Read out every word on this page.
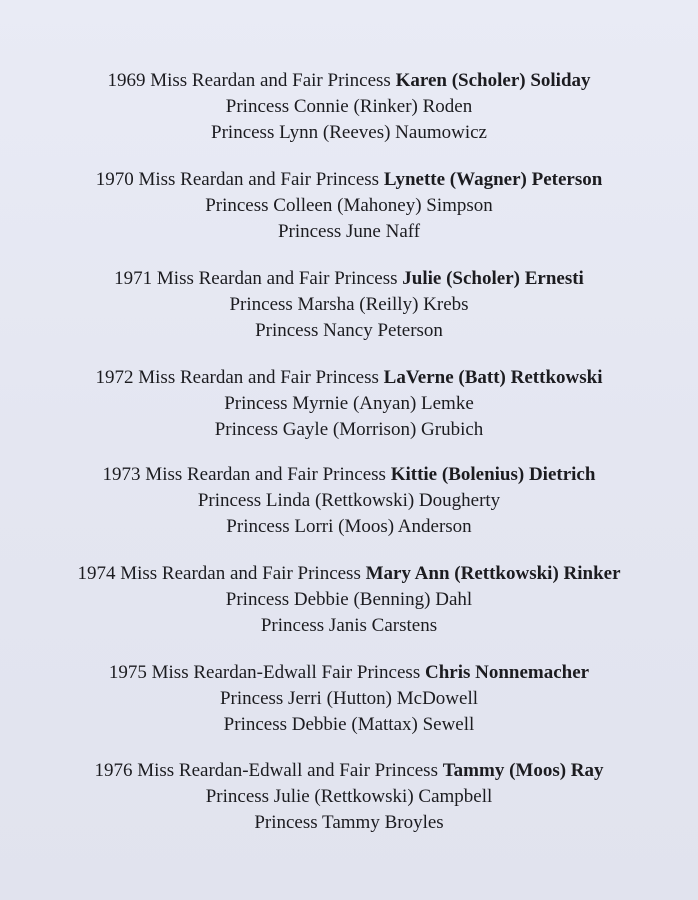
1969 Miss Reardan and Fair Princess Karen (Scholer) Soliday
Princess Connie (Rinker) Roden
Princess Lynn (Reeves) Naumowicz
1970 Miss Reardan and Fair Princess Lynette (Wagner) Peterson
Princess Colleen (Mahoney) Simpson
Princess June Naff
1971 Miss Reardan and Fair Princess Julie (Scholer) Ernesti
Princess Marsha (Reilly) Krebs
Princess Nancy Peterson
1972 Miss Reardan and Fair Princess LaVerne (Batt) Rettkowski
Princess Myrnie (Anyan) Lemke
Princess Gayle (Morrison) Grubich
1973 Miss Reardan and Fair Princess Kittie (Bolenius) Dietrich
Princess Linda (Rettkowski) Dougherty
Princess Lorri (Moos) Anderson
1974 Miss Reardan and Fair Princess Mary Ann (Rettkowski) Rinker
Princess Debbie (Benning) Dahl
Princess Janis Carstens
1975 Miss Reardan-Edwall Fair Princess Chris Nonnemacher
Princess Jerri (Hutton) McDowell
Princess Debbie (Mattax) Sewell
1976 Miss Reardan-Edwall and Fair Princess Tammy (Moos) Ray
Princess Julie (Rettkowski) Campbell
Princess Tammy Broyles
